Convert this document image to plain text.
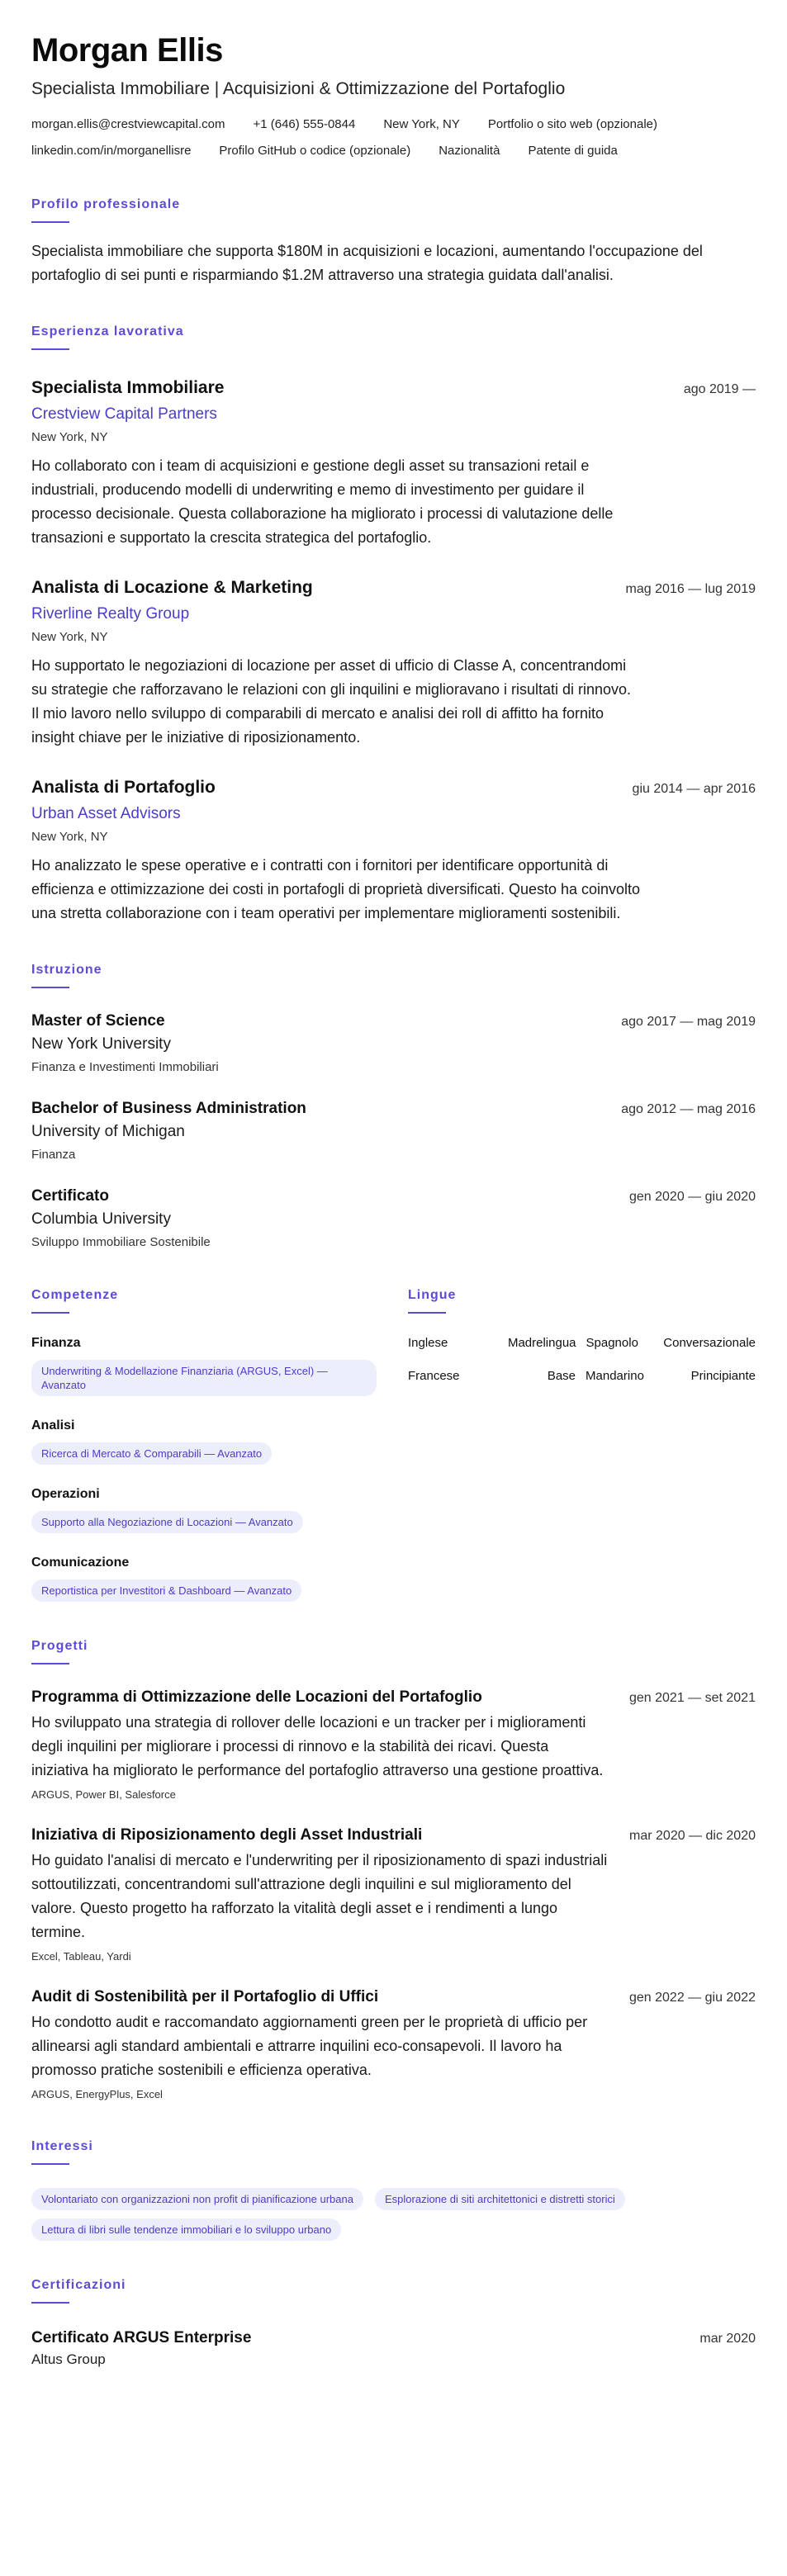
Morgan Ellis
Specialista Immobiliare | Acquisizioni & Ottimizzazione del Portafoglio
morgan.ellis@crestviewcapital.com +1 (646) 555-0844 New York, NY Portfolio o sito web (opzionale)
linkedin.com/in/morganellisre Profilo GitHub o codice (opzionale) Nazionalità Patente di guida
Profilo professionale
Specialista immobiliare che supporta $180M in acquisizioni e locazioni, aumentando l'occupazione del portafoglio di sei punti e risparmiando $1.2M attraverso una strategia guidata dall'analisi.
Esperienza lavorativa
Specialista Immobiliare	ago 2019 —
Crestview Capital Partners
New York, NY
Ho collaborato con i team di acquisizioni e gestione degli asset su transazioni retail e industriali, producendo modelli di underwriting e memo di investimento per guidare il processo decisionale. Questa collaborazione ha migliorato i processi di valutazione delle transazioni e supportato la crescita strategica del portafoglio.
Analista di Locazione & Marketing	mag 2016 — lug 2019
Riverline Realty Group
New York, NY
Ho supportato le negoziazioni di locazione per asset di ufficio di Classe A, concentrandomi su strategie che rafforzavano le relazioni con gli inquilini e miglioravano i risultati di rinnovo. Il mio lavoro nello sviluppo di comparabili di mercato e analisi dei roll di affitto ha fornito insight chiave per le iniziative di riposizionamento.
Analista di Portafoglio	giu 2014 — apr 2016
Urban Asset Advisors
New York, NY
Ho analizzato le spese operative e i contratti con i fornitori per identificare opportunità di efficienza e ottimizzazione dei costi in portafogli di proprietà diversificati. Questo ha coinvolto una stretta collaborazione con i team operativi per implementare miglioramenti sostenibili.
Istruzione
Master of Science	ago 2017 — mag 2019
New York University
Finanza e Investimenti Immobiliari
Bachelor of Business Administration	ago 2012 — mag 2016
University of Michigan
Finanza
Certificato	gen 2020 — giu 2020
Columbia University
Sviluppo Immobiliare Sostenibile
Competenze
Finanza
Underwriting & Modellazione Finanziaria (ARGUS, Excel) — Avanzato
Analisi
Ricerca di Mercato & Comparabili — Avanzato
Operazioni
Supporto alla Negoziazione di Locazioni — Avanzato
Comunicazione
Reportistica per Investitori & Dashboard — Avanzato
Lingue
Inglese	Madrelingua Spagnolo	Conversazionale
Francese	Base Mandarino	Principiante
Progetti
Programma di Ottimizzazione delle Locazioni del Portafoglio	gen 2021 — set 2021
Ho sviluppato una strategia di rollover delle locazioni e un tracker per i miglioramenti degli inquilini per migliorare i processi di rinnovo e la stabilità dei ricavi. Questa iniziativa ha migliorato le performance del portafoglio attraverso una gestione proattiva.
ARGUS, Power BI, Salesforce
Iniziativa di Riposizionamento degli Asset Industriali	mar 2020 — dic 2020
Ho guidato l'analisi di mercato e l'underwriting per il riposizionamento di spazi industriali sottoutilizzati, concentrandomi sull'attrazione degli inquilini e sul miglioramento del valore. Questo progetto ha rafforzato la vitalità degli asset e i rendimenti a lungo termine.
Excel, Tableau, Yardi
Audit di Sostenibilità per il Portafoglio di Uffici	gen 2022 — giu 2022
Ho condotto audit e raccomandato aggiornamenti green per le proprietà di ufficio per allinearsi agli standard ambientali e attrarre inquilini eco-consapevoli. Il lavoro ha promosso pratiche sostenibili e efficienza operativa.
ARGUS, EnergyPlus, Excel
Interessi
Volontariato con organizzazioni non profit di pianificazione urbana	Esplorazione di siti architettonici e distretti storici
Lettura di libri sulle tendenze immobiliari e lo sviluppo urbano
Certificazioni
Certificato ARGUS Enterprise	mar 2020
Altus Group
